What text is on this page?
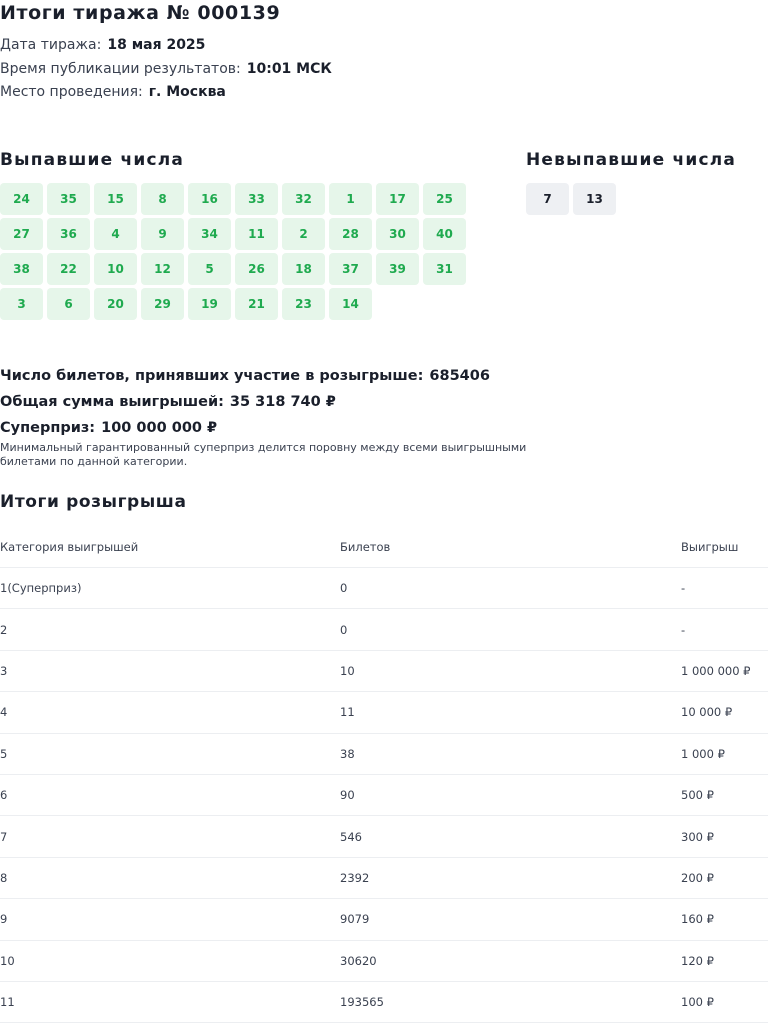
Итоги тиража № 000139
Дата тиража: 18 мая 2025
Время публикации результатов: 10:01 МСК
Место проведения: г. Москва
Выпавшие числа	Невыпавшие числа
24	35	15	8	16	33	32	1	17	25
27	36	4	9	34	11	2	28	30	40
38	22	10	12	5	26	18	37	39	31
3	6	20	29	19	21	23	14
7	13
Число билетов, принявших участие в розыгрыше: 685406
Общая сумма выигрышей: 35 318 740 ₽
Суперприз: 100 000 000 ₽
Минимальный гарантированный суперприз делится поровну между всеми выигрышными билетами по данной категории.
Итоги розыгрыша
Категория выигрышей	Билетов	Выигрыш
1(Суперприз)	0	-
2	0	-
3	10	1 000 000 ₽
4	11	10 000 ₽
5	38	1 000 ₽
6	90	500 ₽
7	546	300 ₽
8	2392	200 ₽
9	9079	160 ₽
10	30620	120 ₽
11	193565	100 ₽
